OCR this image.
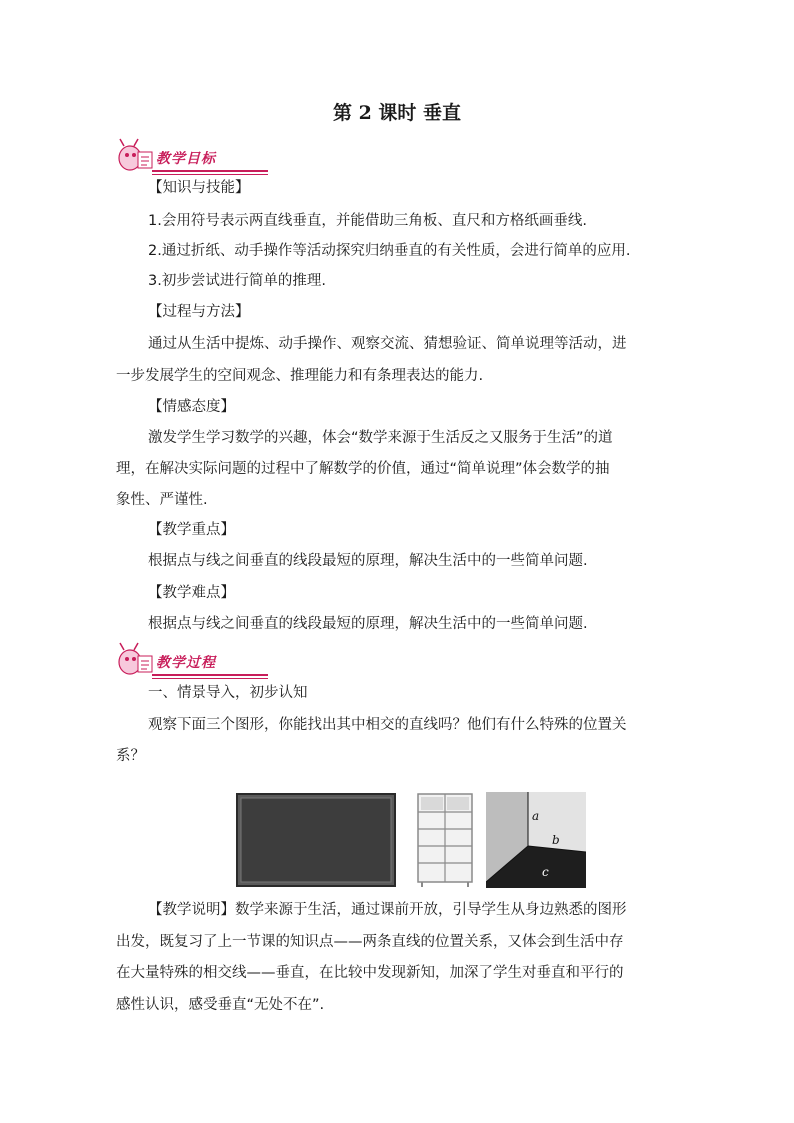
第 2 课时 垂直
教学目标
【知识与技能】
1.会用符号表示两直线垂直，并能借助三角板、直尺和方格纸画垂线.
2.通过折纸、动手操作等活动探究归纳垂直的有关性质，会进行简单的应用.
3.初步尝试进行简单的推理.
【过程与方法】
通过从生活中提炼、动手操作、观察交流、猜想验证、简单说理等活动，进
一步发展学生的空间观念、推理能力和有条理表达的能力.
【情感态度】
激发学生学习数学的兴趣，体会“数学来源于生活反之又服务于生活”的道
理，在解决实际问题的过程中了解数学的价值，通过“简单说理”体会数学的抽
象性、严谨性.
【教学重点】
根据点与线之间垂直的线段最短的原理，解决生活中的一些简单问题.
【教学难点】
根据点与线之间垂直的线段最短的原理，解决生活中的一些简单问题.
教学过程
一、情景导入，初步认知
观察下面三个图形，你能找出其中相交的直线吗？他们有什么特殊的位置关
系？
a
b
c
【教学说明】数学来源于生活，通过课前开放，引导学生从身边熟悉的图形
出发，既复习了上一节课的知识点——两条直线的位置关系，又体会到生活中存
在大量特殊的相交线——垂直，在比较中发现新知，加深了学生对垂直和平行的
感性认识，感受垂直“无处不在”.
